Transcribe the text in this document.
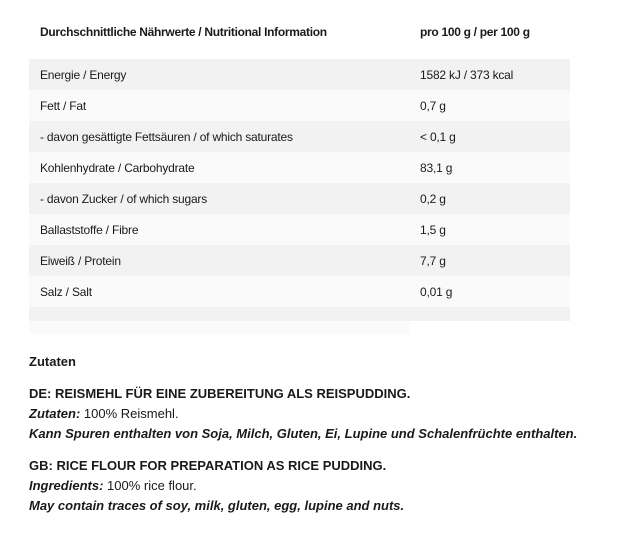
Durchschnittliche Nährwerte / Nutritional Information	pro 100 g / per 100 g
Energie / Energy	1582 kJ / 373 kcal
Fett / Fat	0,7 g
- davon gesättigte Fettsäuren / of which saturates	< 0,1 g
Kohlenhydrate / Carbohydrate	83,1 g
- davon Zucker / of which sugars	0,2 g
Ballaststoffe / Fibre	1,5 g
Eiweiß / Protein	7,7 g
Salz / Salt	0,01 g

Zutaten

DE: REISMEHL FÜR EINE ZUBEREITUNG ALS REISPUDDING.

Zutaten: 100% Reismehl.

Kann Spuren enthalten von Soja, Milch, Gluten, Ei, Lupine und Schalenfrüchte enthalten.

GB: RICE FLOUR FOR PREPARATION AS RICE PUDDING.

Ingredients: 100% rice flour.

May contain traces of soy, milk, gluten, egg, lupine and nuts.
